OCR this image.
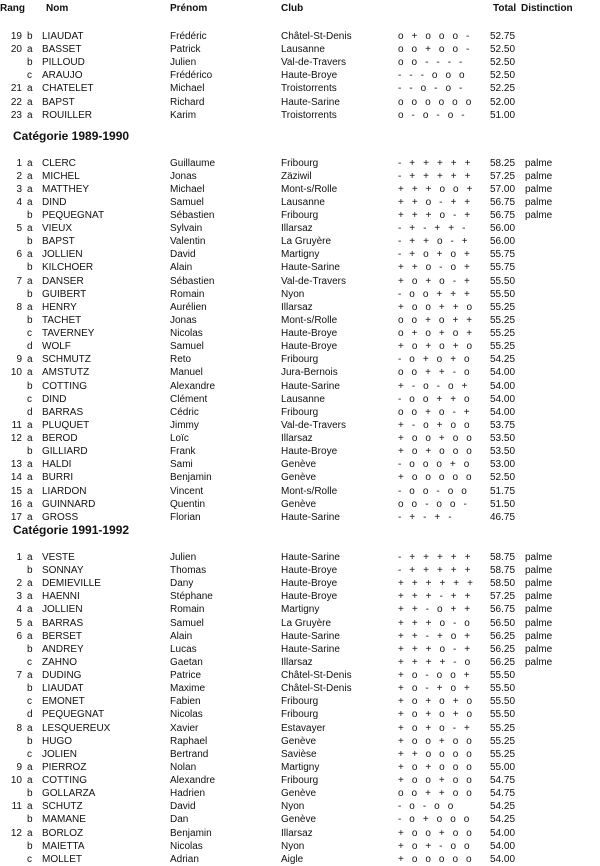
Rang Nom	Prénom	Club	Total Distinction
19 b LIAUDAT	Frédéric	Châtel-St-Denis	o + o o o -	52.75
20 a BASSET	Patrick	Lausanne	o o + o o -	52.50
b PILLOUD	Julien	Val-de-Travers	o o - - - -	52.50
c ARAUJO	Frédérico	Haute-Broye	- - - o o o	52.50
21 a CHATELET	Michael	Troistorrents	- - o - o -	52.25
22 a BAPST	Richard	Haute-Sarine	o o o o o o 52.00
23 a ROUILLER	Karim	Troistorrents	o - o - o -	51.00
Catégorie 1989-1990
1 a CLERC	Guillaume	Fribourg	- + + + + + 58.25 palme
2 a MICHEL	Jonas	Zäziwil	- + + + + + 57.25 palme
3 a MATTHEY	Michael	Mont-s/Rolle	+ + + o o + 57.00 palme
4 a DIND	Samuel	Lausanne	+ + o - + +	56.75 palme
b PEQUEGNAT	Sébastien	Fribourg	+ + + o - +	56.75 palme
5 a VIEUX	Sylvain	Illarsaz	- + - + + -	56.00
b BAPST	Valentin	La Gruyère	- + + o - +	56.00
6 a JOLLIEN	David	Martigny	- + o + o +	55.75
b KILCHOER	Alain	Haute-Sarine	+ + o - o +	55.75
7 a DANSER	Sébastien	Val-de-Travers	+ o + o - +	55.50
b GUIBERT	Romain	Nyon	- o o + + +	55.50
8 a HENRY	Aurélien	Illarsaz	+ o o + + o 55.25
b TACHET	Jonas	Mont-s/Rolle	o o + o + + 55.25
c TAVERNEY	Nicolas	Haute-Broye	o + o + o + 55.25
d WOLF	Samuel	Haute-Broye	+ o + o + o 55.25
9 a SCHMUTZ	Reto	Fribourg	- o + o + o	54.25
10 a AMSTUTZ	Manuel	Jura-Bernois	o o + + - o	54.00
b COTTING	Alexandre	Haute-Sarine	+ - o - o +	54.00
c DIND	Clément	Lausanne	- o o + + o	54.00
d BARRAS	Cédric	Fribourg	o o + o - +	54.00
11 a PLUQUET	Jimmy	Val-de-Travers	+ - o + o o	53.75
12 a BEROD	Loïc	Illarsaz	+ o o + o o 53.50
b GILLIARD	Frank	Haute-Broye	+ o + o o o 53.50
13 a HALDI	Sami	Genève	- o o o + o	53.00
14 a BURRI	Benjamin	Genève	+ o o o o o 52.50
15 a LIARDON	Vincent	Mont-s/Rolle	- o o - o o	51.75
16 a GUINNARD	Quentin	Genève	o o - o o -	51.50
17 a GROSS	Florian	Haute-Sarine	- + - + -	46.75
Catégorie 1991-1992
1 a VESTE	Julien	Haute-Sarine	- + + + + + 58.75 palme
b SONNAY	Thomas	Haute-Broye	- + + + + + 58.75 palme
2 a DEMIEVILLE	Dany	Haute-Broye	+ + + + + + 58.50 palme
3 a HAENNI	Stéphane	Haute-Broye	+ + + - + + 57.25 palme
4 a JOLLIEN	Romain	Martigny	+ + - o + +	56.75 palme
5 a BARRAS	Samuel	La Gruyère	+ + + o - o	56.50 palme
6 a BERSET	Alain	Haute-Sarine	+ + - + o +	56.25 palme
b ANDREY	Lucas	Haute-Sarine	+ + + o - +	56.25 palme
c ZAHNO	Gaetan	Illarsaz	+ + + + - o	56.25 palme
7 a DUDING	Patrice	Châtel-St-Denis	+ o - o o +	55.50
b LIAUDAT	Maxime	Châtel-St-Denis	+ o - + o +	55.50
c EMONET	Fabien	Fribourg	+ o + o + o 55.50
d PEQUEGNAT	Nicolas	Fribourg	+ o + o + o 55.50
8 a LESQUEREUX	Xavier	Estavayer	+ o + o - +	55.25
b HUGO	Raphael	Genève	+ o o + o o 55.25
c JOLIEN	Bertrand	Savièse	+ + o o o o 55.25
9 a PIERROZ	Nolan	Martigny	+ o + o o o 55.00
10 a COTTING	Alexandre	Fribourg	+ o o + o o 54.75
b GOLLARZA	Hadrien	Genève	o o + + o o 54.75
11 a SCHUTZ	David	Nyon	- o - o o	54.25
b MAMANE	Dan	Genève	- o + o o o	54.25
12 a BORLOZ	Benjamin	Illarsaz	+ o o + o o 54.00
b MAIETTA	Nicolas	Nyon	+ o + - o o	54.00
c MOLLET	Adrian	Aigle	+ o o o o o 54.00
